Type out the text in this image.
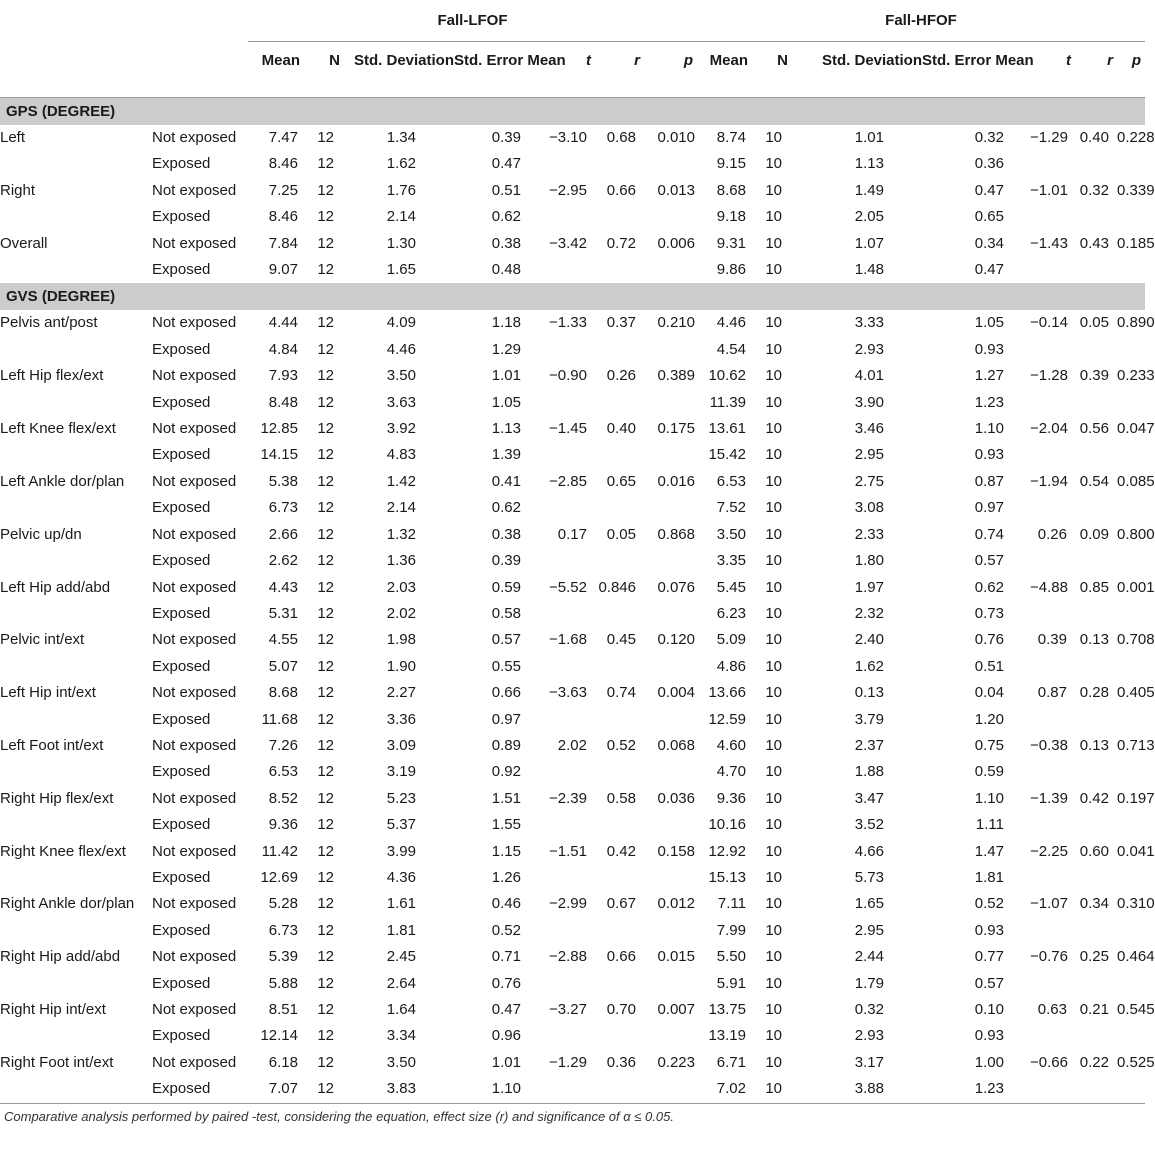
		Fall-LFOF							Fall-HFOF						
		Mean	N	Std. Deviation	Std. Error Mean	t	r	p	Mean	N	Std. Deviation	Std. Error Mean	t	r	p
GPS (DEGREE)															
Left	Not exposed	7.47	12	1.34	0.39	−3.10	0.68	0.010	8.74	10	1.01	0.32	−1.29	0.40	0.228
	Exposed	8.46	12	1.62	0.47				9.15	10	1.13	0.36			
Right	Not exposed	7.25	12	1.76	0.51	−2.95	0.66	0.013	8.68	10	1.49	0.47	−1.01	0.32	0.339
	Exposed	8.46	12	2.14	0.62				9.18	10	2.05	0.65			
Overall	Not exposed	7.84	12	1.30	0.38	−3.42	0.72	0.006	9.31	10	1.07	0.34	−1.43	0.43	0.185
	Exposed	9.07	12	1.65	0.48				9.86	10	1.48	0.47			
GVS (DEGREE)															
Pelvis ant/post	Not exposed	4.44	12	4.09	1.18	−1.33	0.37	0.210	4.46	10	3.33	1.05	−0.14	0.05	0.890
	Exposed	4.84	12	4.46	1.29				4.54	10	2.93	0.93			
Left Hip flex/ext	Not exposed	7.93	12	3.50	1.01	−0.90	0.26	0.389	10.62	10	4.01	1.27	−1.28	0.39	0.233
	Exposed	8.48	12	3.63	1.05				11.39	10	3.90	1.23			
Left Knee flex/ext	Not exposed	12.85	12	3.92	1.13	−1.45	0.40	0.175	13.61	10	3.46	1.10	−2.04	0.56	0.047
	Exposed	14.15	12	4.83	1.39				15.42	10	2.95	0.93			
Left Ankle dor/plan	Not exposed	5.38	12	1.42	0.41	−2.85	0.65	0.016	6.53	10	2.75	0.87	−1.94	0.54	0.085
	Exposed	6.73	12	2.14	0.62				7.52	10	3.08	0.97			
Pelvic up/dn	Not exposed	2.66	12	1.32	0.38	0.17	0.05	0.868	3.50	10	2.33	0.74	0.26	0.09	0.800
	Exposed	2.62	12	1.36	0.39				3.35	10	1.80	0.57			
Left Hip add/abd	Not exposed	4.43	12	2.03	0.59	−5.52	0.846	0.076	5.45	10	1.97	0.62	−4.88	0.85	0.001
	Exposed	5.31	12	2.02	0.58				6.23	10	2.32	0.73			
Pelvic int/ext	Not exposed	4.55	12	1.98	0.57	−1.68	0.45	0.120	5.09	10	2.40	0.76	0.39	0.13	0.708
	Exposed	5.07	12	1.90	0.55				4.86	10	1.62	0.51			
Left Hip int/ext	Not exposed	8.68	12	2.27	0.66	−3.63	0.74	0.004	13.66	10	0.13	0.04	0.87	0.28	0.405
	Exposed	11.68	12	3.36	0.97				12.59	10	3.79	1.20			
Left Foot int/ext	Not exposed	7.26	12	3.09	0.89	2.02	0.52	0.068	4.60	10	2.37	0.75	−0.38	0.13	0.713
	Exposed	6.53	12	3.19	0.92				4.70	10	1.88	0.59			
Right Hip flex/ext	Not exposed	8.52	12	5.23	1.51	−2.39	0.58	0.036	9.36	10	3.47	1.10	−1.39	0.42	0.197
	Exposed	9.36	12	5.37	1.55				10.16	10	3.52	1.11			
Right Knee flex/ext	Not exposed	11.42	12	3.99	1.15	−1.51	0.42	0.158	12.92	10	4.66	1.47	−2.25	0.60	0.041
	Exposed	12.69	12	4.36	1.26				15.13	10	5.73	1.81			
Right Ankle dor/plan	Not exposed	5.28	12	1.61	0.46	−2.99	0.67	0.012	7.11	10	1.65	0.52	−1.07	0.34	0.310
	Exposed	6.73	12	1.81	0.52				7.99	10	2.95	0.93			
Right Hip add/abd	Not exposed	5.39	12	2.45	0.71	−2.88	0.66	0.015	5.50	10	2.44	0.77	−0.76	0.25	0.464
	Exposed	5.88	12	2.64	0.76				5.91	10	1.79	0.57			
Right Hip int/ext	Not exposed	8.51	12	1.64	0.47	−3.27	0.70	0.007	13.75	10	0.32	0.10	0.63	0.21	0.545
	Exposed	12.14	12	3.34	0.96				13.19	10	2.93	0.93			
Right Foot int/ext	Not exposed	6.18	12	3.50	1.01	−1.29	0.36	0.223	6.71	10	3.17	1.00	−0.66	0.22	0.525
	Exposed	7.07	12	3.83	1.10				7.02	10	3.88	1.23			
Comparative analysis performed by paired -test, considering the equation, effect size (r) and significance of α ≤ 0.05.
